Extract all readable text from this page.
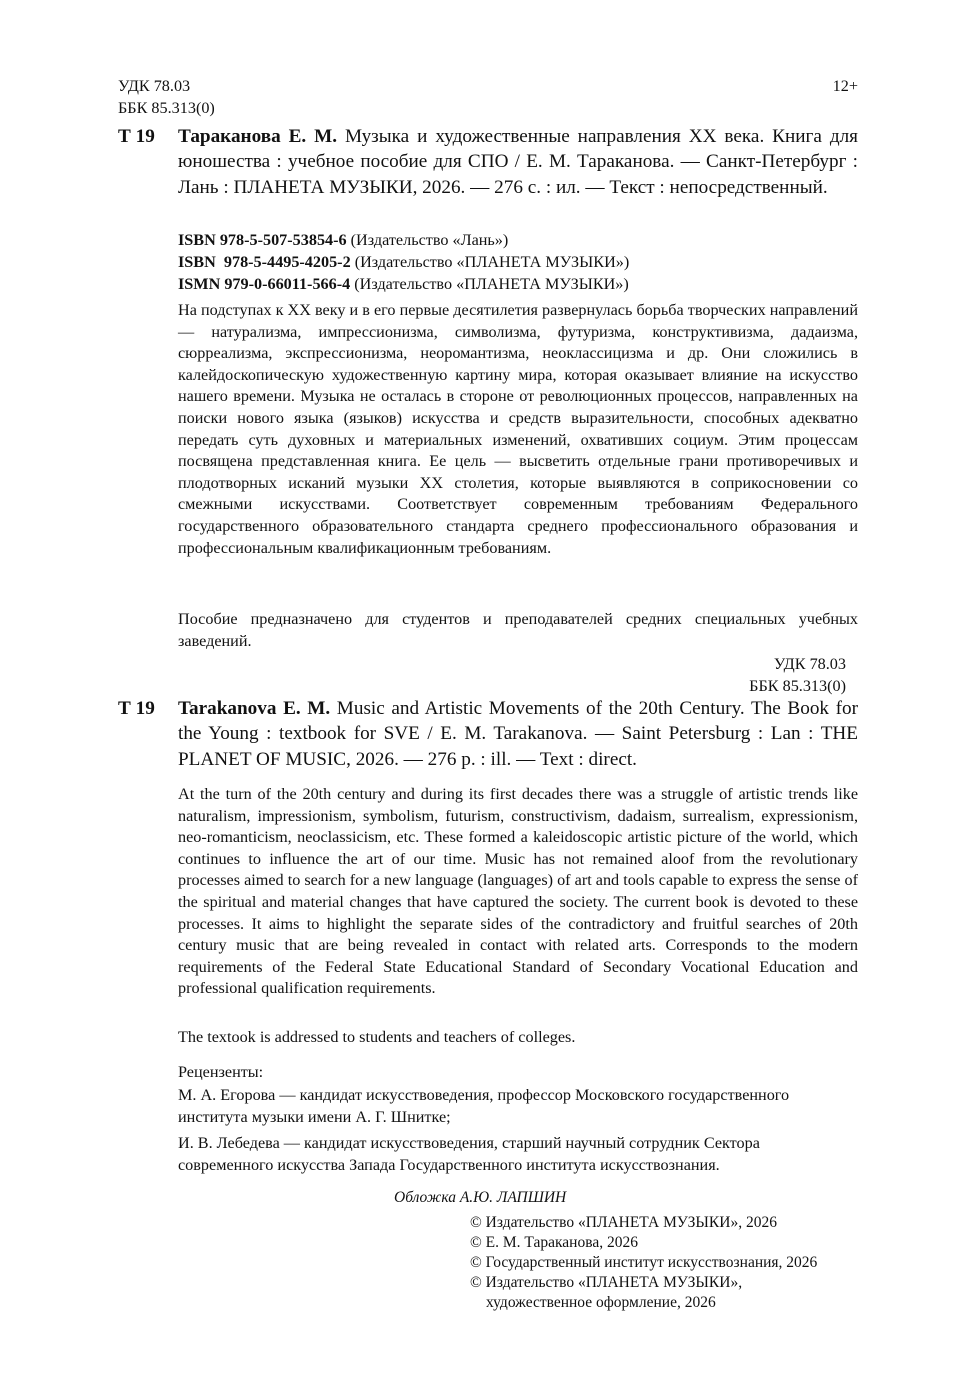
УДК 78.03
ББК 85.313(0)
12+
Т 19 Тараканова Е. М. Музыка и художественные направления XX века. Книга для юношества : учебное пособие для СПО / Е. М. Тараканова. — Санкт-Петербург : Лань : ПЛАНЕТА МУЗЫКИ, 2026. — 276 с. : ил. — Текст : непосредственный.
ISBN 978-5-507-53854-6 (Издательство «Лань»)
ISBN  978-5-4495-4205-2 (Издательство «ПЛАНЕТА МУЗЫКИ»)
ISMN 979-0-66011-566-4 (Издательство «ПЛАНЕТА МУЗЫКИ»)

На подступах к XX веку и в его первые десятилетия развернулась борьба творческих направлений — натурализма, импрессионизма, символизма, футуризма, конструктивизма, дадаизма, сюрреализма, экспрессионизма, неоромантизма, неоклассицизма и др. Они сложились в калейдоскопическую художественную картину мира, которая оказывает влияние на искусство нашего времени. Музыка не осталась в стороне от революционных процессов, направленных на поиски нового языка (языков) искусства и средств выразительности, способных адекватно передать суть духовных и материальных изменений, охвативших социум. Этим процессам посвящена представленная книга. Ее цель — высветить отдельные грани противоречивых и плодотворных исканий музыки XX столетия, которые выявляются в соприкосновении со смежными искусствами. Соответствует современным требованиям Федерального государственного образовательного стандарта среднего профессионального образования и профессиональным квалификационным требованиям.

Пособие предназначено для студентов и преподавателей средних специальных учебных заведений.

УДК 78.03
ББК 85.313(0)
Т 19 Tarakanova E. M. Music and Artistic Movements of the 20th Century. The Book for the Young : textbook for SVE / E. M. Tarakanova. — Saint Petersburg : Lan : THE PLANET OF MUSIC, 2026. — 276 p. : ill. — Text : direct.

At the turn of the 20th century and during its first decades there was a struggle of artistic trends like naturalism, impressionism, symbolism, futurism, constructivism, dadaism, surrealism, expressionism, neo-romanticism, neoclassicism, etc. These formed a kaleidoscopic artistic picture of the world, which continues to influence the art of our time. Music has not remained aloof from the revolutionary processes aimed to search for a new language (languages) of art and tools capable to express the sense of the spiritual and material changes that have captured the society. The current book is devoted to these processes. It aims to highlight the separate sides of the contradictory and fruitful searches of 20th century music that are being revealed in contact with related arts. Corresponds to the modern requirements of the Federal State Educational Standard of Secondary Vocational Education and professional qualification requirements.

The textook is addressed to students and teachers of colleges.

Рецензенты:

М. А. Егорова — кандидат искусствоведения, профессор Московского государственного института музыки имени А. Г. Шнитке;

И. В. Лебедева — кандидат искусствоведения, старший научный сотрудник Сектора современного искусства Запада Государственного института искусствознания.

Обложка А.Ю. ЛАПШИН
© Издательство «ПЛАНЕТА МУЗЫКИ», 2026
© Е. М. Тараканова, 2026
© Государственный институт искусствознания, 2026
© Издательство «ПЛАНЕТА МУЗЫКИ»,
художественное оформление, 2026
